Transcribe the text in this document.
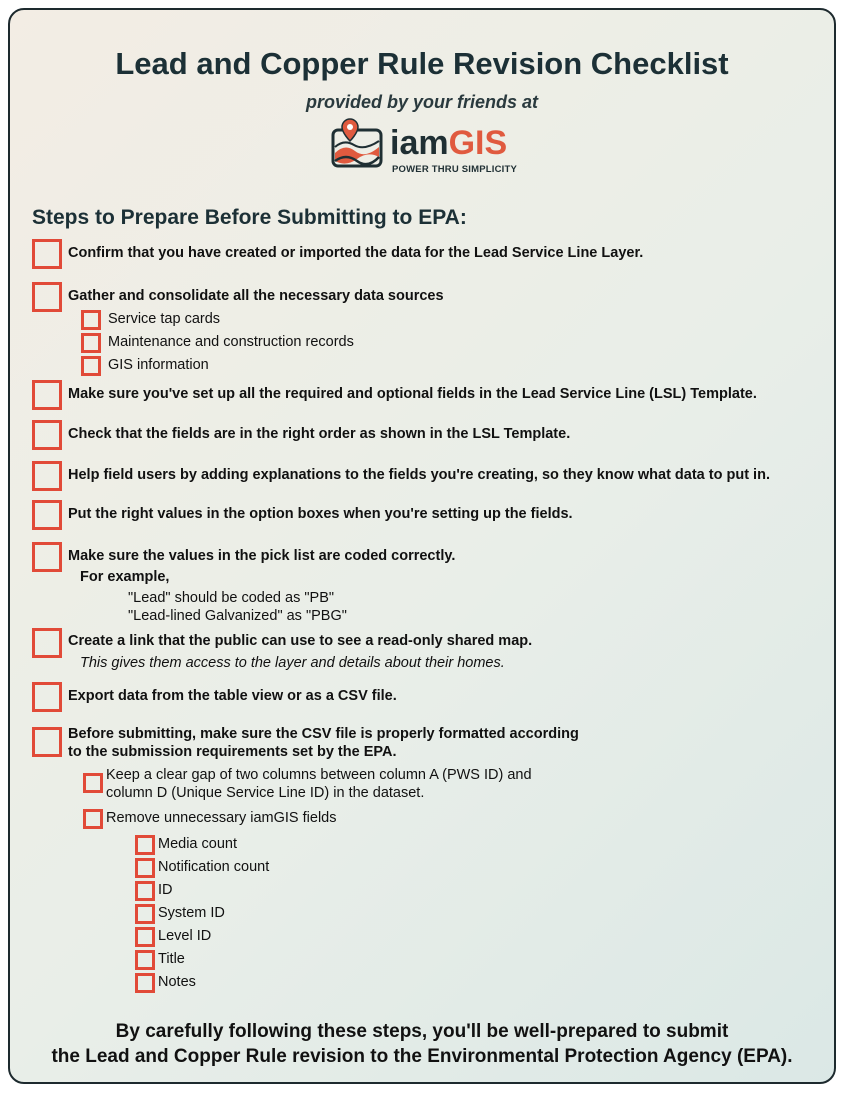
Lead and Copper Rule Revision Checklist

provided by your friends at

iamGIS
POWER THRU SIMPLICITY
Steps to Prepare Before Submitting to EPA:
Confirm that you have created or imported the data for the Lead Service Line Layer.
Gather and consolidate all the necessary data sources
Service tap cards
Maintenance and construction records
GIS information
Make sure you've set up all the required and optional fields in the Lead Service Line (LSL) Template.
Check that the fields are in the right order as shown in the LSL Template.
Help field users by adding explanations to the fields you're creating, so they know what data to put in.
Put the right values in the option boxes when you're setting up the fields.
Make sure the values in the pick list are coded correctly.
For example,
"Lead" should be coded as "PB"
"Lead-lined Galvanized" as "PBG"
Create a link that the public can use to see a read-only shared map.
This gives them access to the layer and details about their homes.
Export data from the table view or as a CSV file.
Before submitting, make sure the CSV file is properly formatted according
to the submission requirements set by the EPA.
Keep a clear gap of two columns between column A (PWS ID) and
column D (Unique Service Line ID) in the dataset.
Remove unnecessary iamGIS fields
Media count
Notification count
ID
System ID
Level ID
Title
Notes
By carefully following these steps, you'll be well-prepared to submit
the Lead and Copper Rule revision to the Environmental Protection Agency (EPA).
